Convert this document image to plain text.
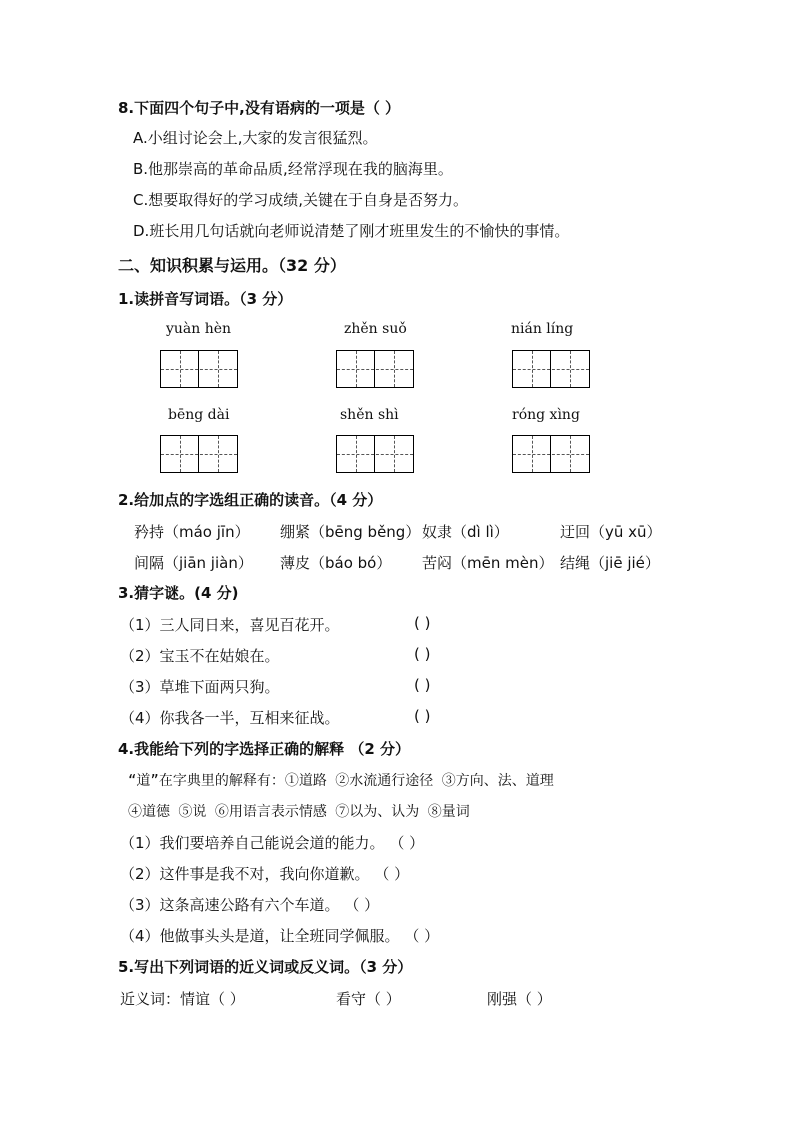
8.下面四个句子中,没有语病的一项是（ ）
A.小组讨论会上,大家的发言很猛烈。
B.他那崇高的革命品质,经常浮现在我的脑海里。
C.想要取得好的学习成绩,关键在于自身是否努力。
D.班长用几句话就向老师说清楚了刚才班里发生的不愉快的事情。
二、知识积累与运用。（32 分）
1.读拼音写词语。（3 分）
yuàn hèn	zhěn suǒ	nián líng
bēng dài	shěn shì	róng xìng
2.给加点的字选组正确的读音。（4 分）
矜持（máo jīn） 绷紧（bēng běng） 奴隶（dì lì）	迂回（yū xū）
间隔（jiān jiàn） 薄皮（báo bó） 苦闷（mēn mèn） 结绳（jiē jié）
3.猜字谜。(4 分)
（1）三人同日来，喜见百花开。	( )
（2）宝玉不在姑娘在。	( )
（3）草堆下面两只狗。	( )
（4）你我各一半，互相来征战。	( )
4.我能给下列的字选择正确的解释 （2 分）
“道”在字典里的解释有：①道路 ②水流通行途径 ③方向、法、道理
④道德 ⑤说 ⑥用语言表示情感 ⑦以为、认为 ⑧量词
（1）我们要培养自己能说会道的能力。 （ ）
（2）这件事是我不对，我向你道歉。 （ ）
（3）这条高速公路有六个车道。 （ ）
（4）他做事头头是道，让全班同学佩服。 （ ）
5.写出下列词语的近义词或反义词。（3 分）
近义词：情谊（ ）	看守（ ）	刚强（ ）
